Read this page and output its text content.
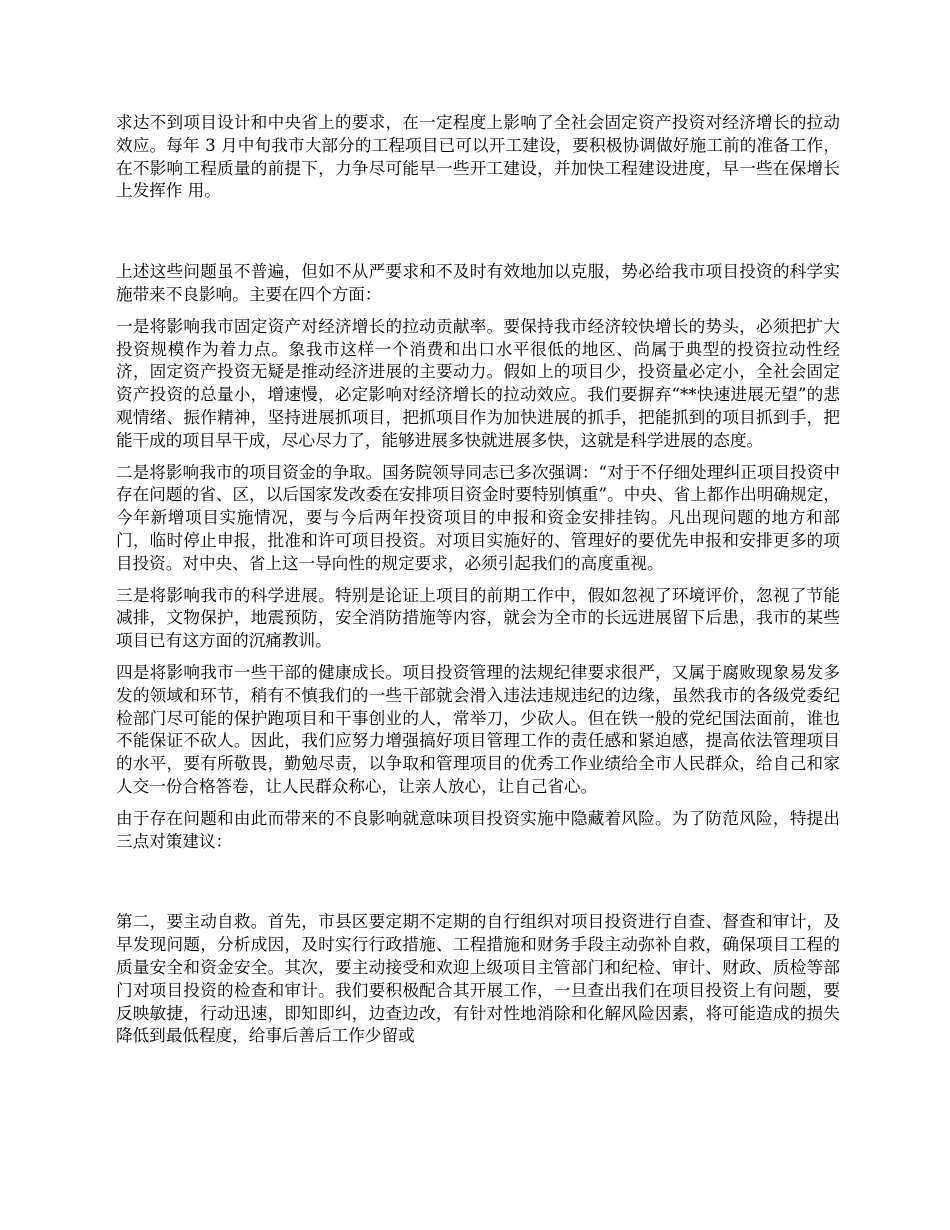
求达不到项目设计和中央省上的要求，在一定程度上影响了全社会固定资产投资对经济增长的拉动效应。每年 3 月中旬我市大部分的工程项目已可以开工建设，要积极协调做好施工前的准备工作，在不影响工程质量的前提下，力争尽可能早一些开工建设，并加快工程建设进度，早一些在保增长上发挥作 用。

上述这些问题虽不普遍，但如不从严要求和不及时有效地加以克服，势必给我市项目投资的科学实施带来不良影响。主要在四个方面：

一是将影响我市固定资产对经济增长的拉动贡献率。要保持我市经济较快增长的势头，必须把扩大投资规模作为着力点。象我市这样一个消费和出口水平很低的地区、尚属于典型的投资拉动性经济，固定资产投资无疑是推动经济进展的主要动力。假如上的项目少，投资量必定小，全社会固定资产投资的总量小，增速慢，必定影响对经济增长的拉动效应。我们要摒弃“**快速进展无望”的悲观情绪、振作精神，坚持进展抓项目，把抓项目作为加快进展的抓手，把能抓到的项目抓到手，把能干成的项目早干成，尽心尽力了，能够进展多快就进展多快，这就是科学进展的态度。

二是将影响我市的项目资金的争取。国务院领导同志已多次强调：“对于不仔细处理纠正项目投资中存在问题的省、区，以后国家发改委在安排项目资金时要特别慎重”。中央、省上都作出明确规定，今年新增项目实施情况，要与今后两年投资项目的申报和资金安排挂钩。凡出现问题的地方和部门，临时停止申报，批准和许可项目投资。对项目实施好的、管理好的要优先申报和安排更多的项目投资。对中央、省上这一导向性的规定要求，必须引起我们的高度重视。

三是将影响我市的科学进展。特别是论证上项目的前期工作中，假如忽视了环境评价，忽视了节能减排，文物保护，地震预防，安全消防措施等内容，就会为全市的长远进展留下后患，我市的某些项目已有这方面的沉痛教训。

四是将影响我市一些干部的健康成长。项目投资管理的法规纪律要求很严，又属于腐败现象易发多发的领域和环节，稍有不慎我们的一些干部就会滑入违法违规违纪的边缘，虽然我市的各级党委纪检部门尽可能的保护跑项目和干事创业的人，常举刀，少砍人。但在铁一般的党纪国法面前，谁也不能保证不砍人。因此，我们应努力增强搞好项目管理工作的责任感和紧迫感，提高依法管理项目的水平，要有所敬畏，勤勉尽责，以争取和管理项目的优秀工作业绩给全市人民群众，给自己和家人交一份合格答卷，让人民群众称心，让亲人放心，让自己省心。

由于存在问题和由此而带来的不良影响就意味项目投资实施中隐藏着风险。为了防范风险，特提出三点对策建议：

第二，要主动自救。首先，市县区要定期不定期的自行组织对项目投资进行自查、督查和审计，及早发现问题，分析成因，及时实行行政措施、工程措施和财务手段主动弥补自救，确保项目工程的质量安全和资金安全。其次，要主动接受和欢迎上级项目主管部门和纪检、审计、财政、质检等部门对项目投资的检查和审计。我们要积极配合其开展工作，一旦查出我们在项目投资上有问题，要反映敏捷，行动迅速，即知即纠，边查边改，有针对性地消除和化解风险因素，将可能造成的损失降低到最低程度，给事后善后工作少留或
